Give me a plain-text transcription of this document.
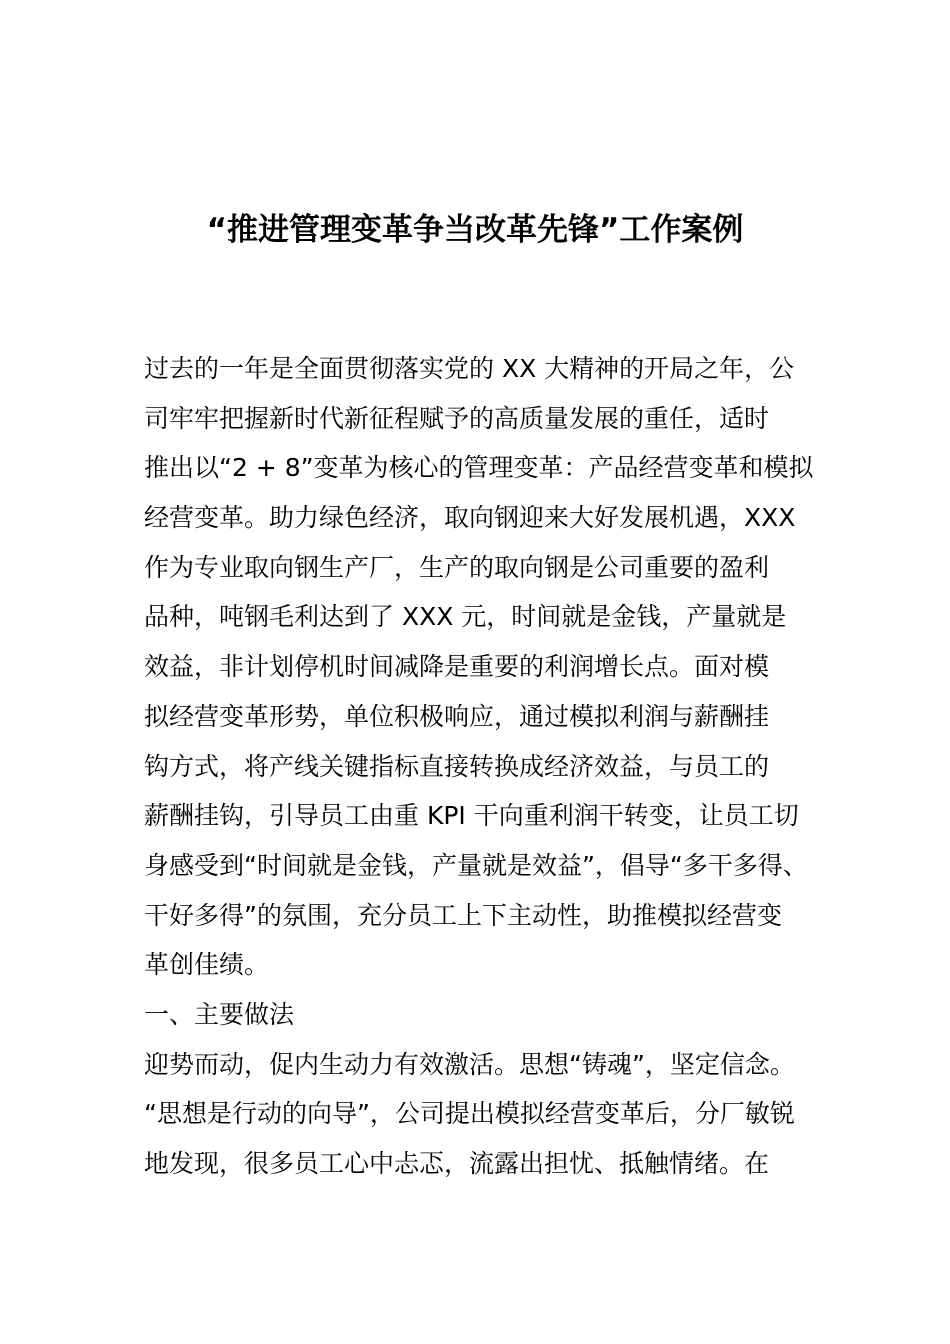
“推进管理变革争当改革先锋”工作案例
过去的一年是全面贯彻落实党的 XX 大精神的开局之年，公
司牢牢把握新时代新征程赋予的高质量发展的重任，适时
推出以“2 + 8”变革为核心的管理变革：产品经营变革和模拟
经营变革。助力绿色经济，取向钢迎来大好发展机遇，XXX
作为专业取向钢生产厂，生产的取向钢是公司重要的盈利
品种，吨钢毛利达到了 XXX 元，时间就是金钱，产量就是
效益，非计划停机时间减降是重要的利润增长点。面对模
拟经营变革形势，单位积极响应，通过模拟利润与薪酬挂
钩方式，将产线关键指标直接转换成经济效益，与员工的
薪酬挂钩，引导员工由重 KPI 干向重利润干转变，让员工切
身感受到“时间就是金钱，产量就是效益”，倡导“多干多得、
干好多得”的氛围，充分员工上下主动性，助推模拟经营变
革创佳绩。
一、主要做法
迎势而动，促内生动力有效激活。思想“铸魂”，坚定信念。
“思想是行动的向导”，公司提出模拟经营变革后，分厂敏锐
地发现，很多员工心中忐忑，流露出担忧、抵触情绪。在
